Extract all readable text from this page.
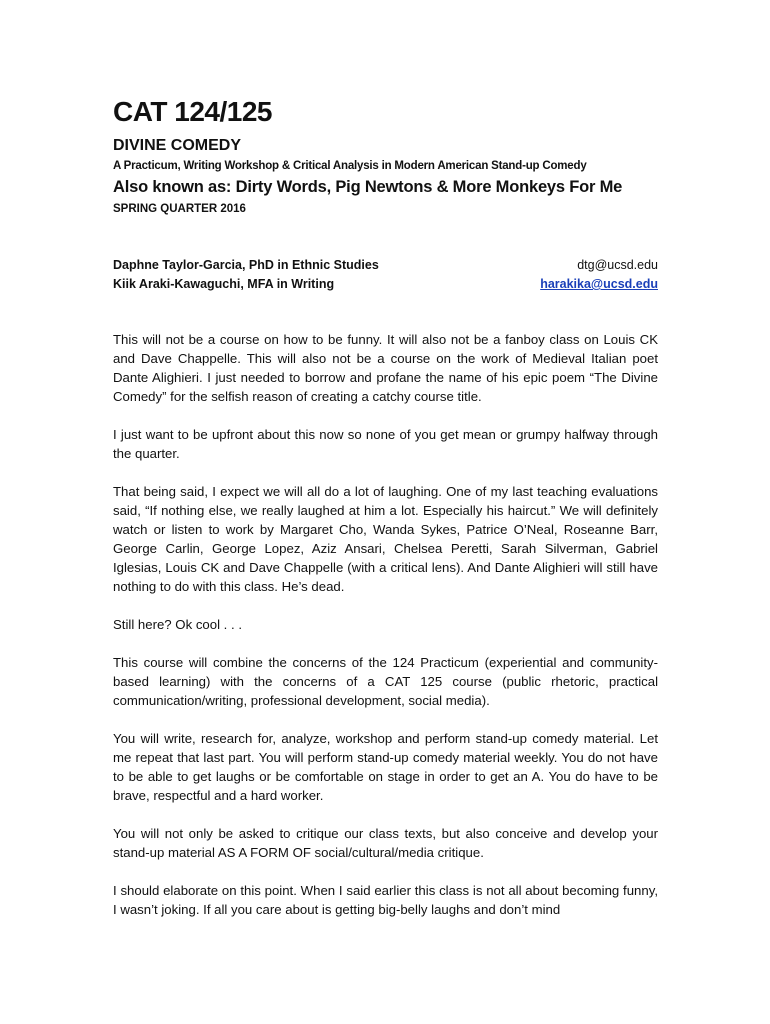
CAT 124/125
DIVINE COMEDY
A Practicum, Writing Workshop & Critical Analysis in Modern American Stand-up Comedy
Also known as: Dirty Words, Pig Newtons & More Monkeys For Me
SPRING QUARTER 2016
Daphne Taylor-Garcia, PhD in Ethnic Studies	dtg@ucsd.edu
Kiik Araki-Kawaguchi, MFA in Writing	harakika@ucsd.edu

This will not be a course on how to be funny. It will also not be a fanboy class on Louis CK and Dave Chappelle. This will also not be a course on the work of Medieval Italian poet Dante Alighieri. I just needed to borrow and profane the name of his epic poem “The Divine Comedy” for the selfish reason of creating a catchy course title.

I just want to be upfront about this now so none of you get mean or grumpy halfway through the quarter.

That being said, I expect we will all do a lot of laughing. One of my last teaching evaluations said, “If nothing else, we really laughed at him a lot. Especially his haircut.” We will definitely watch or listen to work by Margaret Cho, Wanda Sykes, Patrice O’Neal, Roseanne Barr, George Carlin, George Lopez, Aziz Ansari, Chelsea Peretti, Sarah Silverman, Gabriel Iglesias, Louis CK and Dave Chappelle (with a critical lens). And Dante Alighieri will still have nothing to do with this class. He’s dead.

Still here? Ok cool . . .

This course will combine the concerns of the 124 Practicum (experiential and community-based learning) with the concerns of a CAT 125 course (public rhetoric, practical communication/writing, professional development, social media).

You will write, research for, analyze, workshop and perform stand-up comedy material. Let me repeat that last part. You will perform stand-up comedy material weekly. You do not have to be able to get laughs or be comfortable on stage in order to get an A. You do have to be brave, respectful and a hard worker.

You will not only be asked to critique our class texts, but also conceive and develop your stand-up material AS A FORM OF social/cultural/media critique.

I should elaborate on this point. When I said earlier this class is not all about becoming funny, I wasn’t joking. If all you care about is getting big-belly laughs and don’t mind
